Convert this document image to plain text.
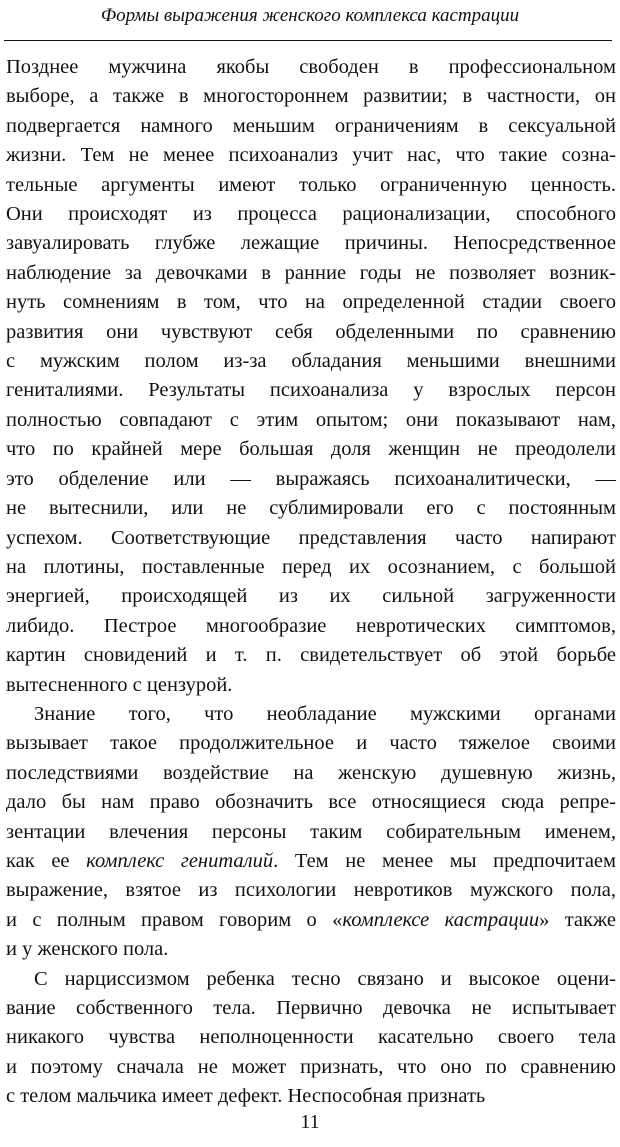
Формы выражения женского комплекса кастрации

Позднее мужчина якобы свободен в профессиональном
выборе, а также в многостороннем развитии; в частности, он
подвергается намного меньшим ограничениям в сексуальной
жизни. Тем не менее психоанализ учит нас, что такие созна-
тельные аргументы имеют только ограниченную ценность.
Они происходят из процесса рационализации, способного
завуалировать глубже лежащие причины. Непосредственное
наблюдение за девочками в ранние годы не позволяет возник-
нуть сомнениям в том, что на определенной стадии своего
развития они чувствуют себя обделенными по сравнению
с мужским полом из-за обладания меньшими внешними
гениталиями. Результаты психоанализа у взрослых персон
полностью совпадают с этим опытом; они показывают нам,
что по крайней мере большая доля женщин не преодолели
это обделение или — выражаясь психоаналитически, —
не вытеснили, или не сублимировали его с постоянным
успехом. Соответствующие представления часто напирают
на плотины, поставленные перед их осознанием, с большой
энергией, происходящей из их сильной загруженности
либидо. Пестрое многообразие невротических симптомов,
картин сновидений и т. п. свидетельствует об этой борьбе
вытесненного с цензурой.

Знание того, что необладание мужскими органами
вызывает такое продолжительное и часто тяжелое своими
последствиями воздействие на женскую душевную жизнь,
дало бы нам право обозначить все относящиеся сюда репре-
зентации влечения персоны таким собирательным именем,
как ее комплекс гениталий. Тем не менее мы предпочитаем
выражение, взятое из психологии невротиков мужского пола,
и с полным правом говорим о «комплексе кастрации» также
и у женского пола.

С нарциссизмом ребенка тесно связано и высокое оцени-
вание собственного тела. Первично девочка не испытывает
никакого чувства неполноценности касательно своего тела
и поэтому сначала не может признать, что оно по сравнению
с телом мальчика имеет дефект. Неспособная признать

11
